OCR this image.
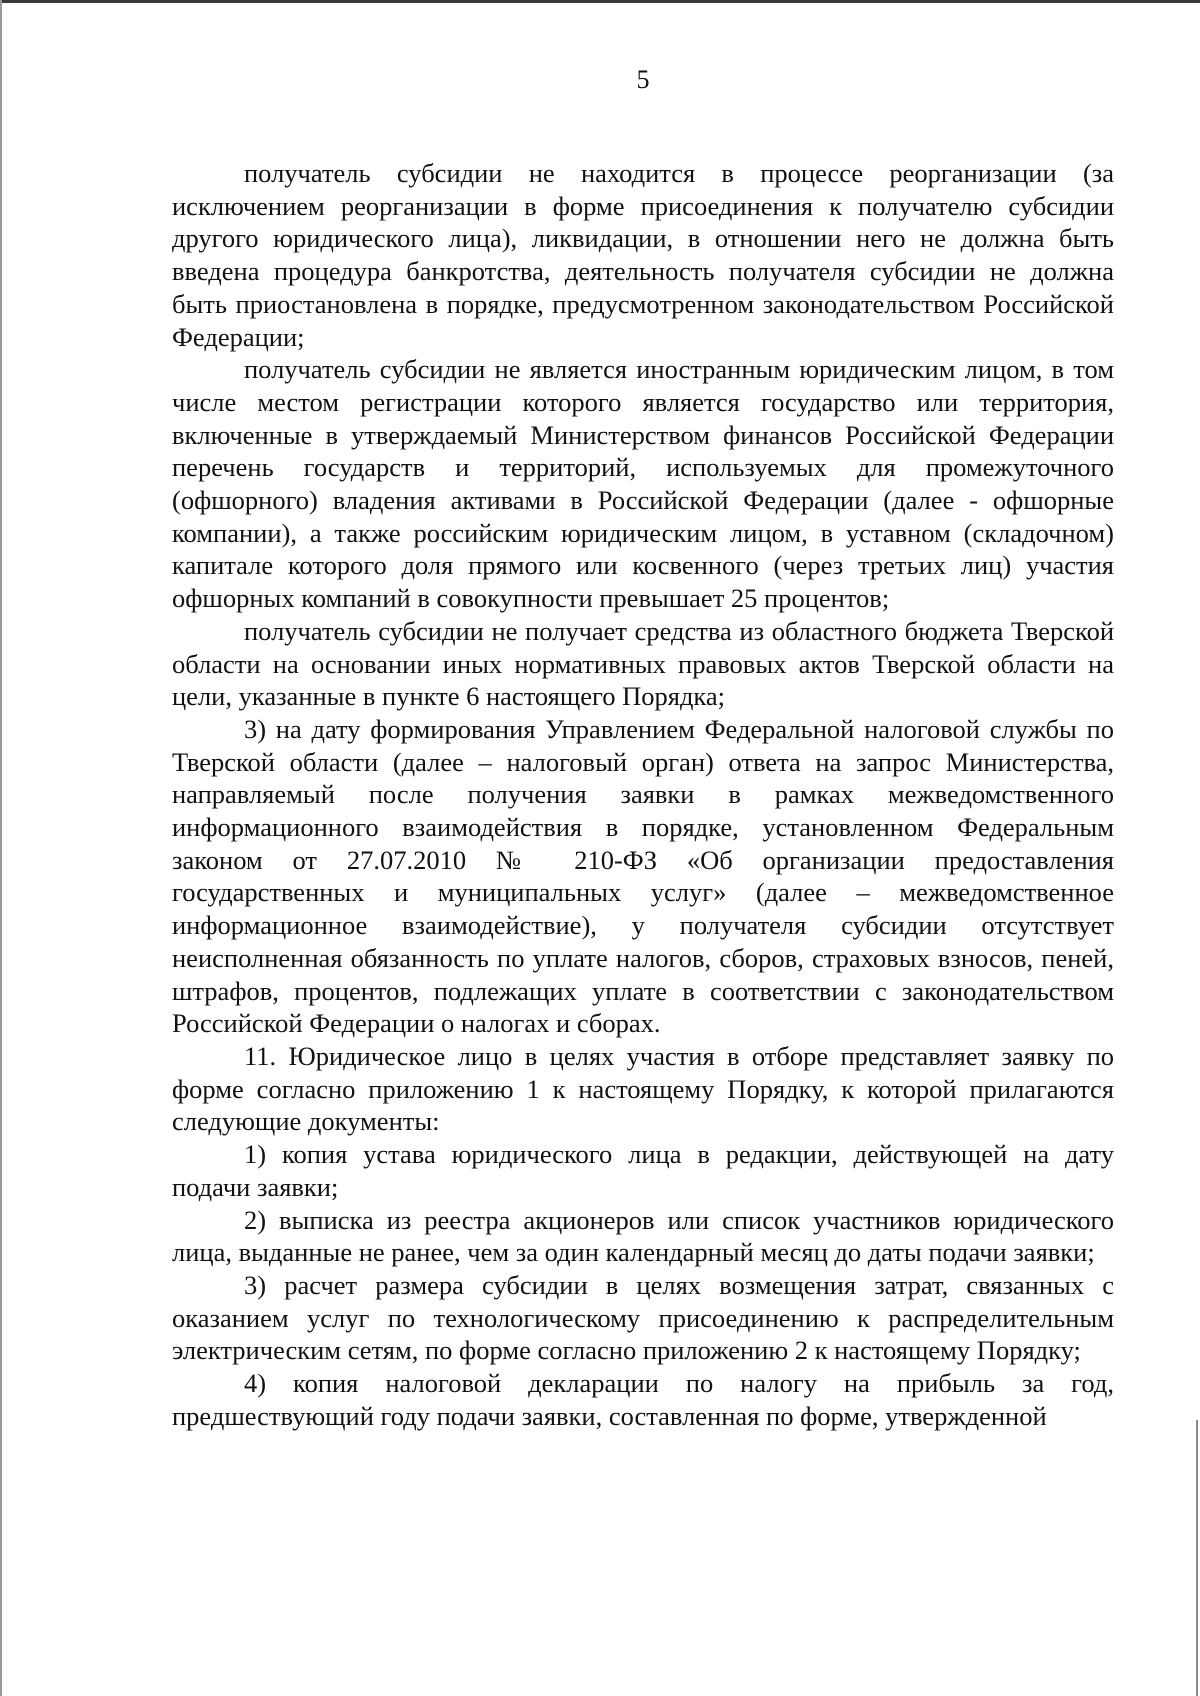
5

получатель субсидии не находится в процессе реорганизации (за исключением реорганизации в форме присоединения к получателю субсидии другого юридического лица), ликвидации, в отношении него не должна быть введена процедура банкротства, деятельность получателя субсидии не должна быть приостановлена в порядке, предусмотренном законодательством Российской Федерации;

получатель субсидии не является иностранным юридическим лицом, в том числе местом регистрации которого является государство или территория, включенные в утверждаемый Министерством финансов Российской Федерации перечень государств и территорий, используемых для промежуточного (офшорного) владения активами в Российской Федерации (далее - офшорные компании), а также российским юридическим лицом, в уставном (складочном) капитале которого доля прямого или косвенного (через третьих лиц) участия офшорных компаний в совокупности превышает 25 процентов;

получатель субсидии не получает средства из областного бюджета Тверской области на основании иных нормативных правовых актов Тверской области на цели, указанные в пункте 6 настоящего Порядка;

3) на дату формирования Управлением Федеральной налоговой службы по Тверской области (далее – налоговый орган) ответа на запрос Министерства, направляемый после получения заявки в рамках межведомственного информационного взаимодействия в порядке, установленном Федеральным законом от 27.07.2010 № 210-ФЗ «Об организации предоставления государственных и муниципальных услуг» (далее – межведомственное информационное взаимодействие), у получателя субсидии отсутствует неисполненная обязанность по уплате налогов, сборов, страховых взносов, пеней, штрафов, процентов, подлежащих уплате в соответствии с законодательством Российской Федерации о налогах и сборах.

11. Юридическое лицо в целях участия в отборе представляет заявку по форме согласно приложению 1 к настоящему Порядку, к которой прилагаются следующие документы:

1) копия устава юридического лица в редакции, действующей на дату подачи заявки;

2) выписка из реестра акционеров или список участников юридического лица, выданные не ранее, чем за один календарный месяц до даты подачи заявки;

3) расчет размера субсидии в целях возмещения затрат, связанных с оказанием услуг по технологическому присоединению к распределительным электрическим сетям, по форме согласно приложению 2 к настоящему Порядку;

4) копия налоговой декларации по налогу на прибыль за год, предшествующий году подачи заявки, составленная по форме, утвержденной
